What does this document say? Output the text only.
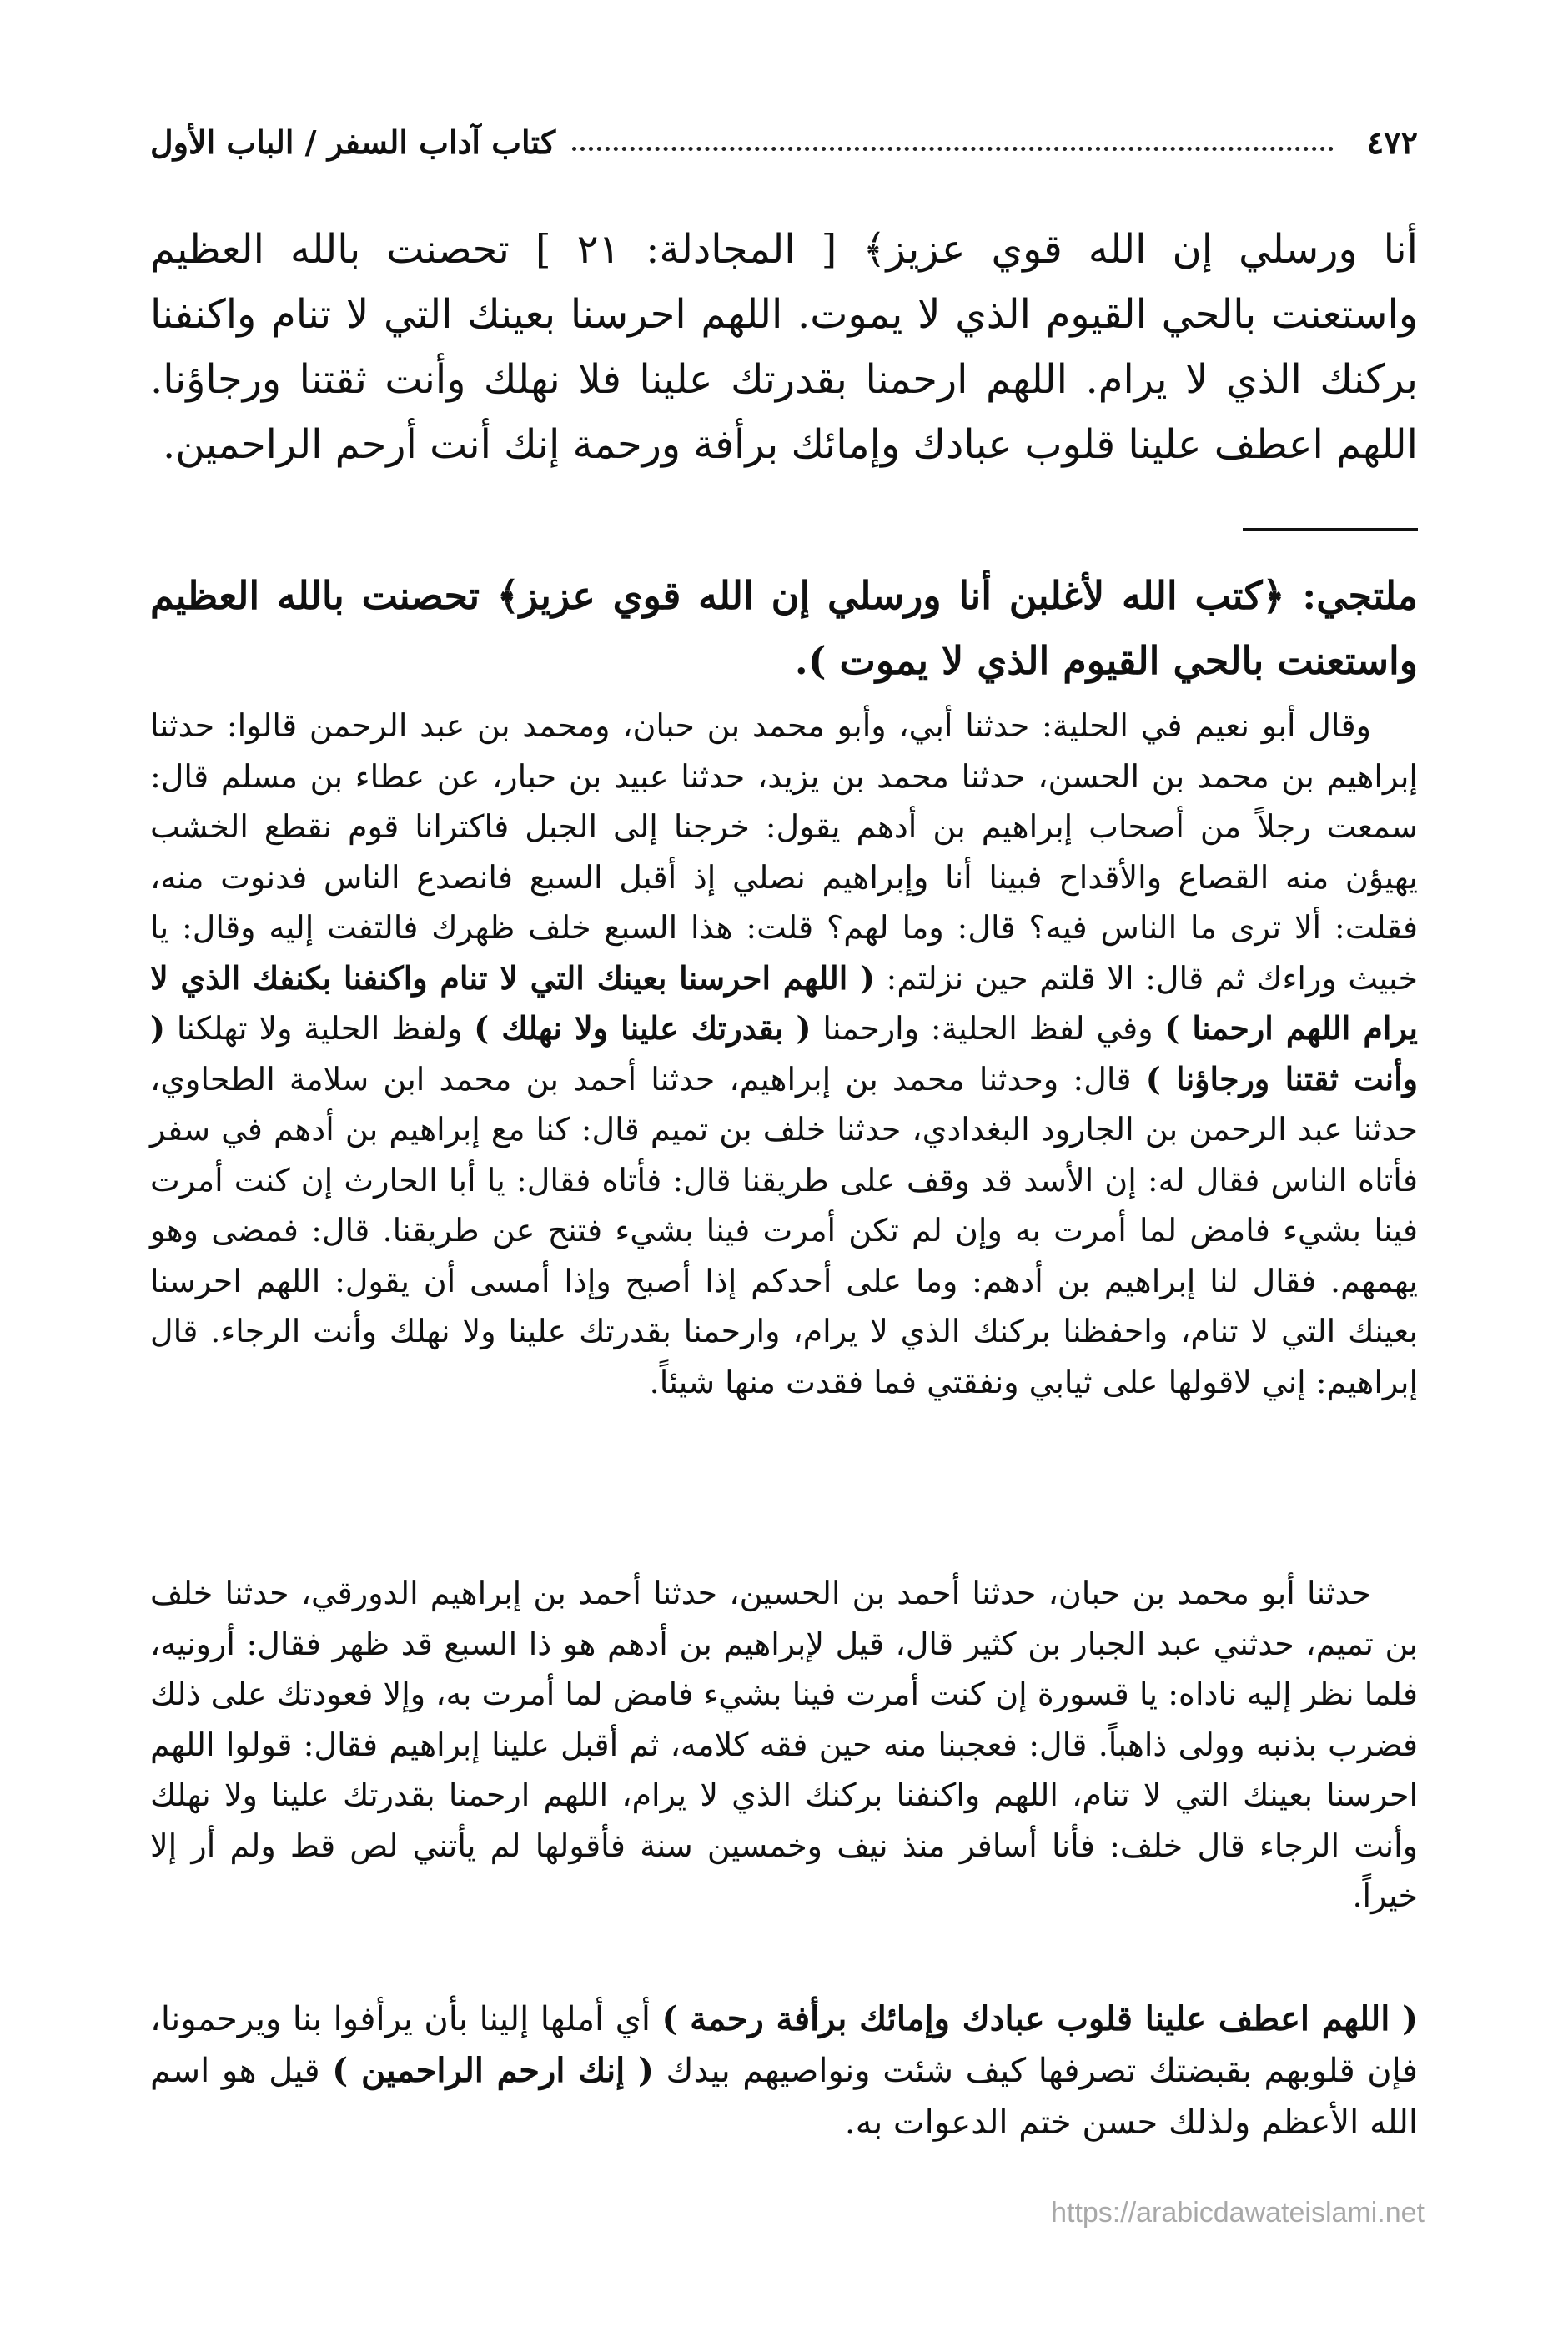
٤٧٢
كتاب آداب السفر / الباب الأول

أنا ورسلي إن الله قوي عزيز﴾ [ المجادلة: ٢١ ] تحصنت بالله العظيم واستعنت بالحي القيوم الذي لا يموت. اللهم احرسنا بعينك التي لا تنام واكنفنا بركنك الذي لا يرام. اللهم ارحمنا بقدرتك علينا فلا نهلك وأنت ثقتنا ورجاؤنا. اللهم اعطف علينا قلوب عبادك وإمائك برأفة ورحمة إنك أنت أرحم الراحمين.

ملتجي: ﴿كتب الله لأغلبن أنا ورسلي إن الله قوي عزيز﴾ تحصنت بالله العظيم واستعنت بالحي القيوم الذي لا يموت ).

وقال أبو نعيم في الحلية: حدثنا أبي، وأبو محمد بن حبان، ومحمد بن عبد الرحمن قالوا: حدثنا إبراهيم بن محمد بن الحسن، حدثنا محمد بن يزيد، حدثنا عبيد بن حبار، عن عطاء بن مسلم قال: سمعت رجلاً من أصحاب إبراهيم بن أدهم يقول: خرجنا إلى الجبل فاكترانا قوم نقطع الخشب يهيؤن منه القصاع والأقداح فبينا أنا وإبراهيم نصلي إذ أقبل السبع فانصدع الناس فدنوت منه، فقلت: ألا ترى ما الناس فيه؟ قال: وما لهم؟ قلت: هذا السبع خلف ظهرك فالتفت إليه وقال: يا خبيث وراءك ثم قال: الا قلتم حين نزلتم: ( اللهم احرسنا بعينك التي لا تنام واكنفنا بكنفك الذي لا يرام اللهم ارحمنا ) وفي لفظ الحلية: وارحمنا ( بقدرتك علينا ولا نهلك ) ولفظ الحلية ولا تهلكنا ( وأنت ثقتنا ورجاؤنا ) قال: وحدثنا محمد بن إبراهيم، حدثنا أحمد بن محمد ابن سلامة الطحاوي، حدثنا عبد الرحمن بن الجارود البغدادي، حدثنا خلف بن تميم قال: كنا مع إبراهيم بن أدهم في سفر فأتاه الناس فقال له: إن الأسد قد وقف على طريقنا قال: فأتاه فقال: يا أبا الحارث إن كنت أمرت فينا بشيء فامض لما أمرت به وإن لم تكن أمرت فينا بشيء فتنح عن طريقنا. قال: فمضى وهو يهمهم. فقال لنا إبراهيم بن أدهم: وما على أحدكم إذا أصبح وإذا أمسى أن يقول: اللهم احرسنا بعينك التي لا تنام، واحفظنا بركنك الذي لا يرام، وارحمنا بقدرتك علينا ولا نهلك وأنت الرجاء. قال إبراهيم: إني لاقولها على ثيابي ونفقتي فما فقدت منها شيئاً.

حدثنا أبو محمد بن حبان، حدثنا أحمد بن الحسين، حدثنا أحمد بن إبراهيم الدورقي، حدثنا خلف بن تميم، حدثني عبد الجبار بن كثير قال، قيل لإبراهيم بن أدهم هو ذا السبع قد ظهر فقال: أرونيه، فلما نظر إليه ناداه: يا قسورة إن كنت أمرت فينا بشيء فامض لما أمرت به، وإلا فعودتك على ذلك فضرب بذنبه وولى ذاهباً. قال: فعجبنا منه حين فقه كلامه، ثم أقبل علينا إبراهيم فقال: قولوا اللهم احرسنا بعينك التي لا تنام، اللهم واكنفنا بركنك الذي لا يرام، اللهم ارحمنا بقدرتك علينا ولا نهلك وأنت الرجاء قال خلف: فأنا أسافر منذ نيف وخمسين سنة فأقولها لم يأتني لص قط ولم أر إلا خيراً.

( اللهم اعطف علينا قلوب عبادك وإمائك برأفة رحمة ) أي أملها إلينا بأن يرأفوا بنا ويرحمونا، فإن قلوبهم بقبضتك تصرفها كيف شئت ونواصيهم بيدك ( إنك ارحم الراحمين ) قيل هو اسم الله الأعظم ولذلك حسن ختم الدعوات به.

https://arabicdawateislami.net
